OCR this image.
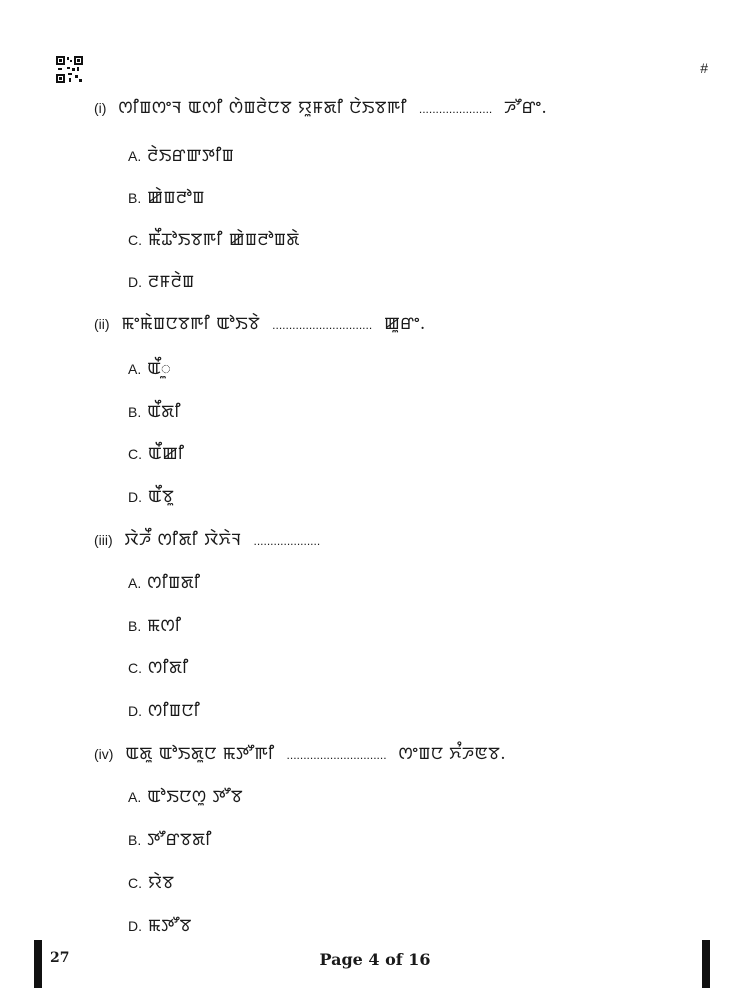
#
(i) ꯁꯤꯡꯁꯦꯜ ꯑꯁꯤ ꯁꯥꯡꯂꯥꯅꯕ ꯌꯨꯝꯗꯤ ꯅꯥꯏꯕꯒꯤ ...................... ꯍꯧꯔꯦ.
A. ꯂꯥꯏꯔꯛꯇꯤꯡ
B. ꯀꯥꯡꯂꯣꯡ
C. ꯃꯩꯊꯣꯏꯕꯒꯤ ꯀꯥꯡꯂꯣꯡꯗꯥ
D. ꯂꯝꯂꯥꯡ
(ii) ꯃꯦꯃꯥꯡꯅꯕꯒꯤ ꯑꯣꯏꯕꯥ .............................. ꯀꯨꯔꯦ.
A. ꯑꯩꯨ
B. ꯑꯩꯗꯤ
C. ꯑꯩꯀꯤ
D. ꯑꯩꯕꯨ
(iii) ꯋꯥꯍꯩ ꯁꯤꯗꯤ ꯋꯥꯈꯥꯜ ....................
A. ꯁꯤꯡꯗꯤ
B. ꯃꯁꯤ
C. ꯁꯤꯗꯤ
D. ꯁꯤꯡꯅꯤ
(iv) ꯑꯗꯨ ꯑꯣꯏꯗꯨꯅ ꯃꯇꯧꯒꯤ .............................. ꯁꯦꯡꯅ ꯈꯪꯍꯟꯕ.
A. ꯑꯣꯏꯅꯁꯨ ꯇꯧꯕ
B. ꯇꯧꯔꯕꯗꯤ
C. ꯌꯥꯕ
D. ꯃꯇꯧꯕ
27	Page 4 of 16
